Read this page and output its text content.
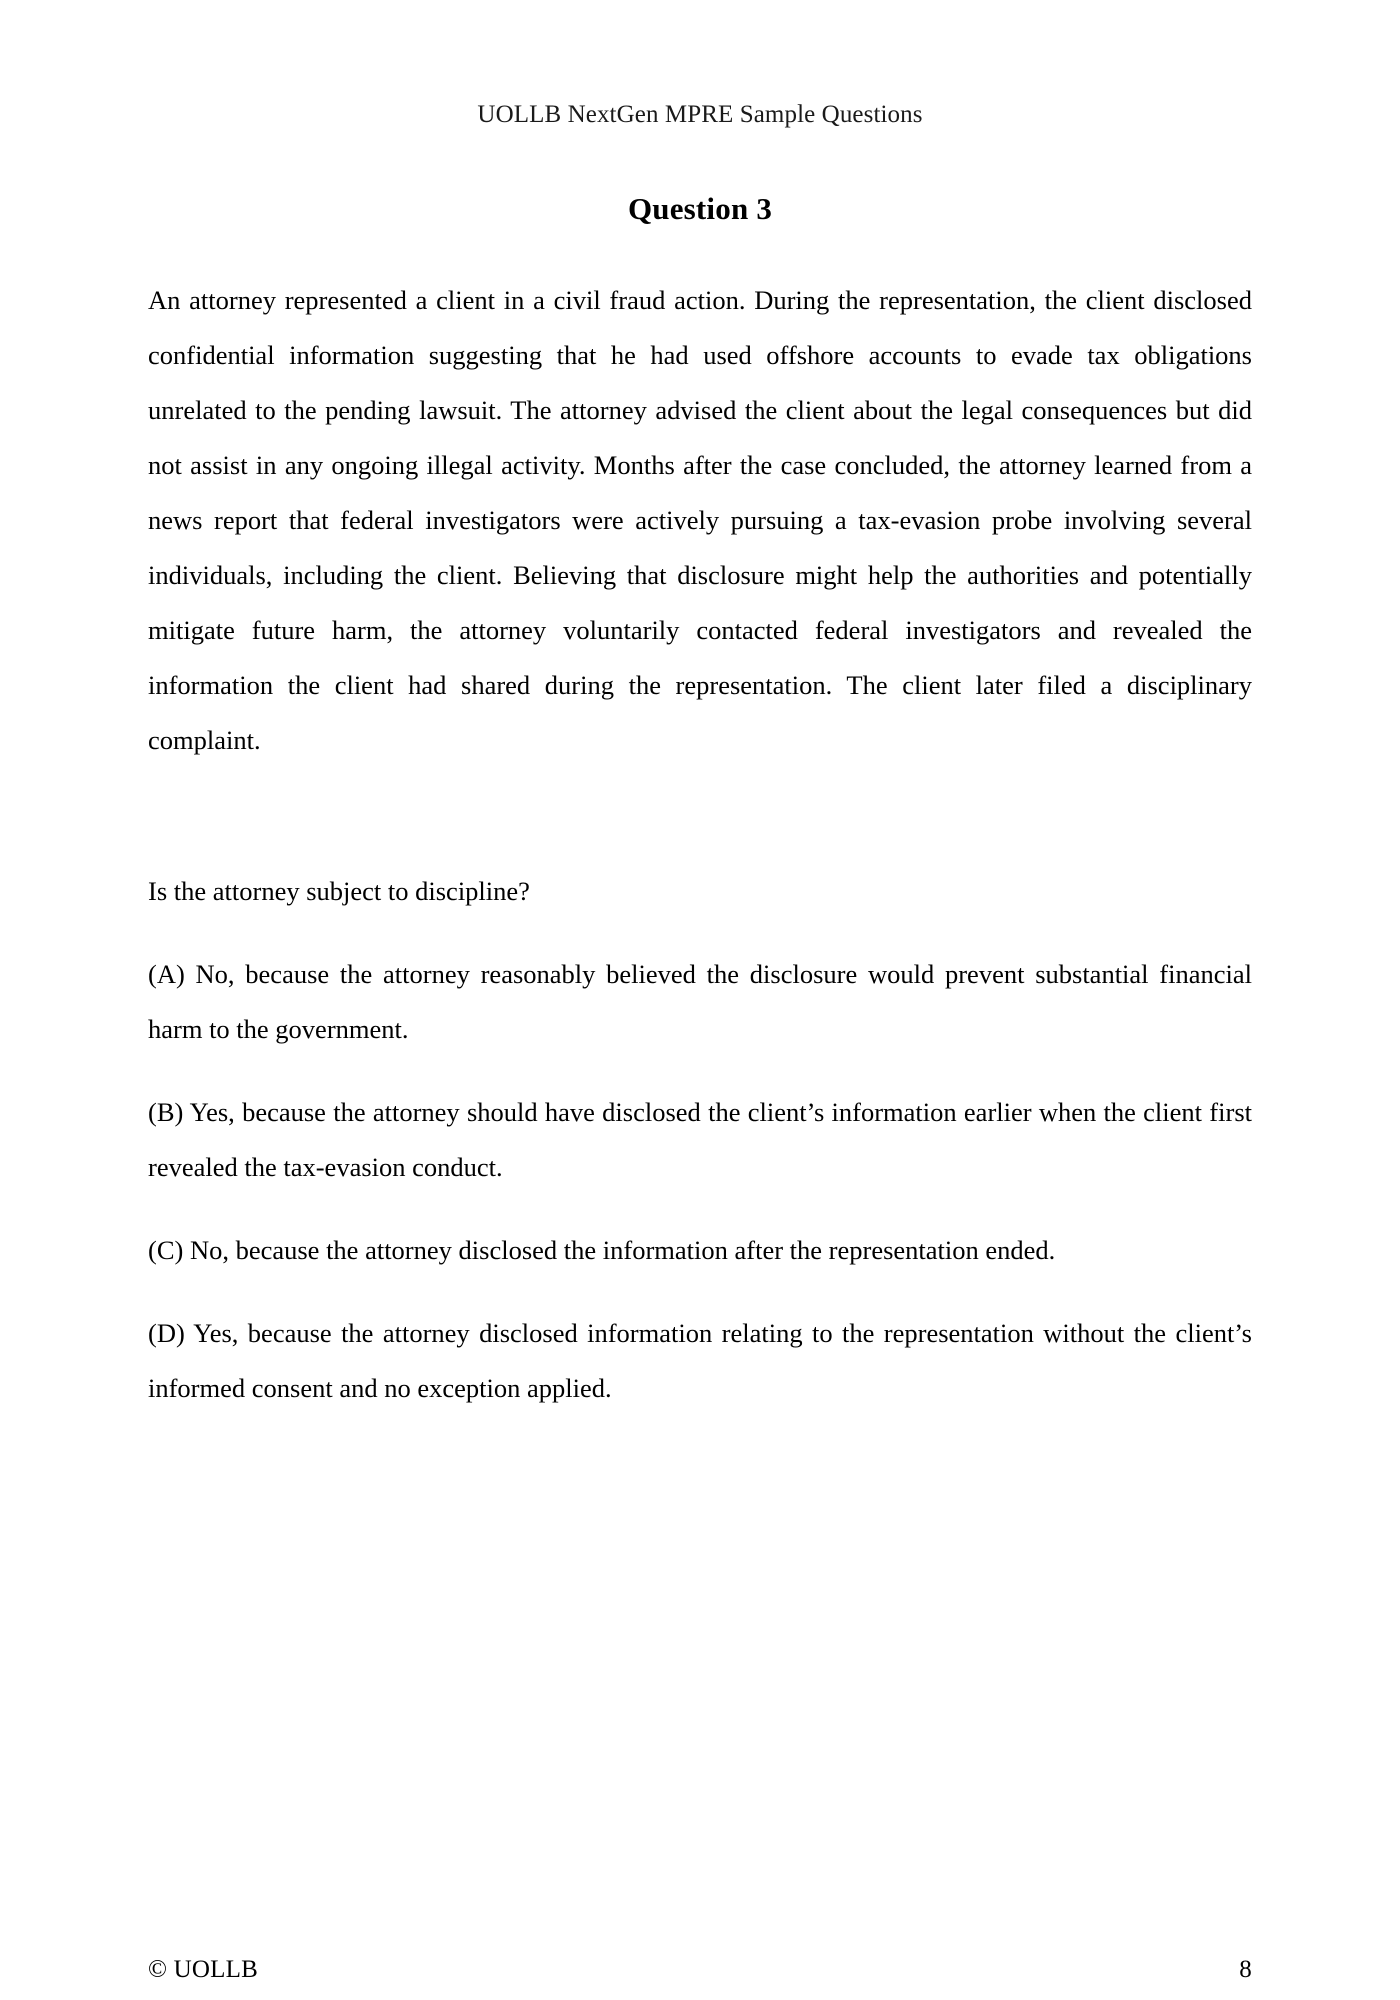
UOLLB NextGen MPRE Sample Questions
Question 3

An attorney represented a client in a civil fraud action. During the representation, the client disclosed confidential information suggesting that he had used offshore accounts to evade tax obligations unrelated to the pending lawsuit. The attorney advised the client about the legal consequences but did not assist in any ongoing illegal activity. Months after the case concluded, the attorney learned from a news report that federal investigators were actively pursuing a tax-evasion probe involving several individuals, including the client. Believing that disclosure might help the authorities and potentially mitigate future harm, the attorney voluntarily contacted federal investigators and revealed the information the client had shared during the representation. The client later filed a disciplinary complaint.

Is the attorney subject to discipline?

(A) No, because the attorney reasonably believed the disclosure would prevent substantial financial harm to the government.

(B) Yes, because the attorney should have disclosed the client’s information earlier when the client first revealed the tax-evasion conduct.

(C) No, because the attorney disclosed the information after the representation ended.

(D) Yes, because the attorney disclosed information relating to the representation without the client’s informed consent and no exception applied.

© UOLLB	8
